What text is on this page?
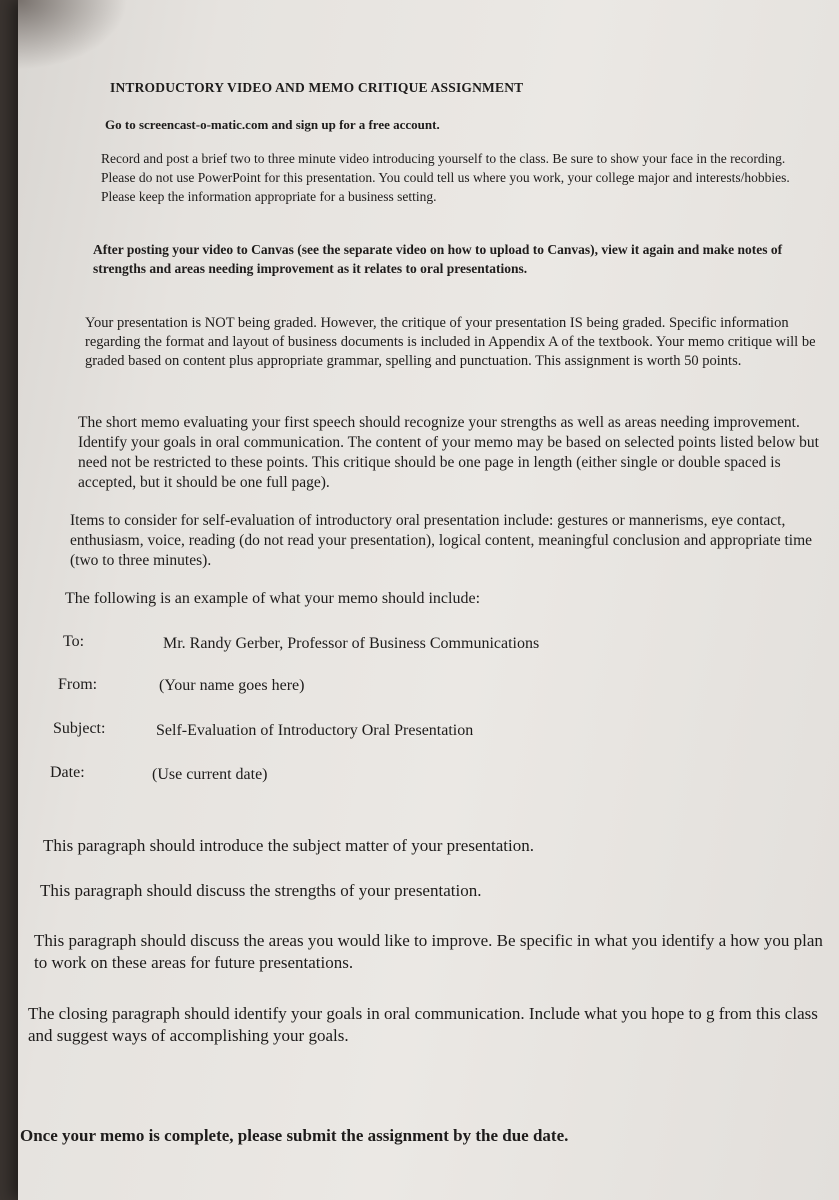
INTRODUCTORY VIDEO AND MEMO CRITIQUE ASSIGNMENT

Go to screencast-o-matic.com and sign up for a free account.

Record and post a brief two to three minute video introducing yourself to the class. Be sure to show your face in the recording. Please do not use PowerPoint for this presentation. You could tell us where you work, your college major and interests/hobbies. Please keep the information appropriate for a business setting.

After posting your video to Canvas (see the separate video on how to upload to Canvas), view it again and make notes of strengths and areas needing improvement as it relates to oral presentations.

Your presentation is NOT being graded. However, the critique of your presentation IS being graded. Specific information regarding the format and layout of business documents is included in Appendix A of the textbook. Your memo critique will be graded based on content plus appropriate grammar, spelling and punctuation. This assignment is worth 50 points.

The short memo evaluating your first speech should recognize your strengths as well as areas needing improvement. Identify your goals in oral communication. The content of your memo may be based on selected points listed below but need not be restricted to these points. This critique should be one page in length (either single or double spaced is accepted, but it should be one full page).

Items to consider for self-evaluation of introductory oral presentation include: gestures or mannerisms, eye contact, enthusiasm, voice, reading (do not read your presentation), logical content, meaningful conclusion and appropriate time (two to three minutes).

The following is an example of what your memo should include:

To:	Mr. Randy Gerber, Professor of Business Communications
From:	(Your name goes here)
Subject:	Self-Evaluation of Introductory Oral Presentation
Date:	(Use current date)

This paragraph should introduce the subject matter of your presentation.

This paragraph should discuss the strengths of your presentation.

This paragraph should discuss the areas you would like to improve. Be specific in what you identify a how you plan to work on these areas for future presentations.

The closing paragraph should identify your goals in oral communication. Include what you hope to g from this class and suggest ways of accomplishing your goals.

Once your memo is complete, please submit the assignment by the due date.
